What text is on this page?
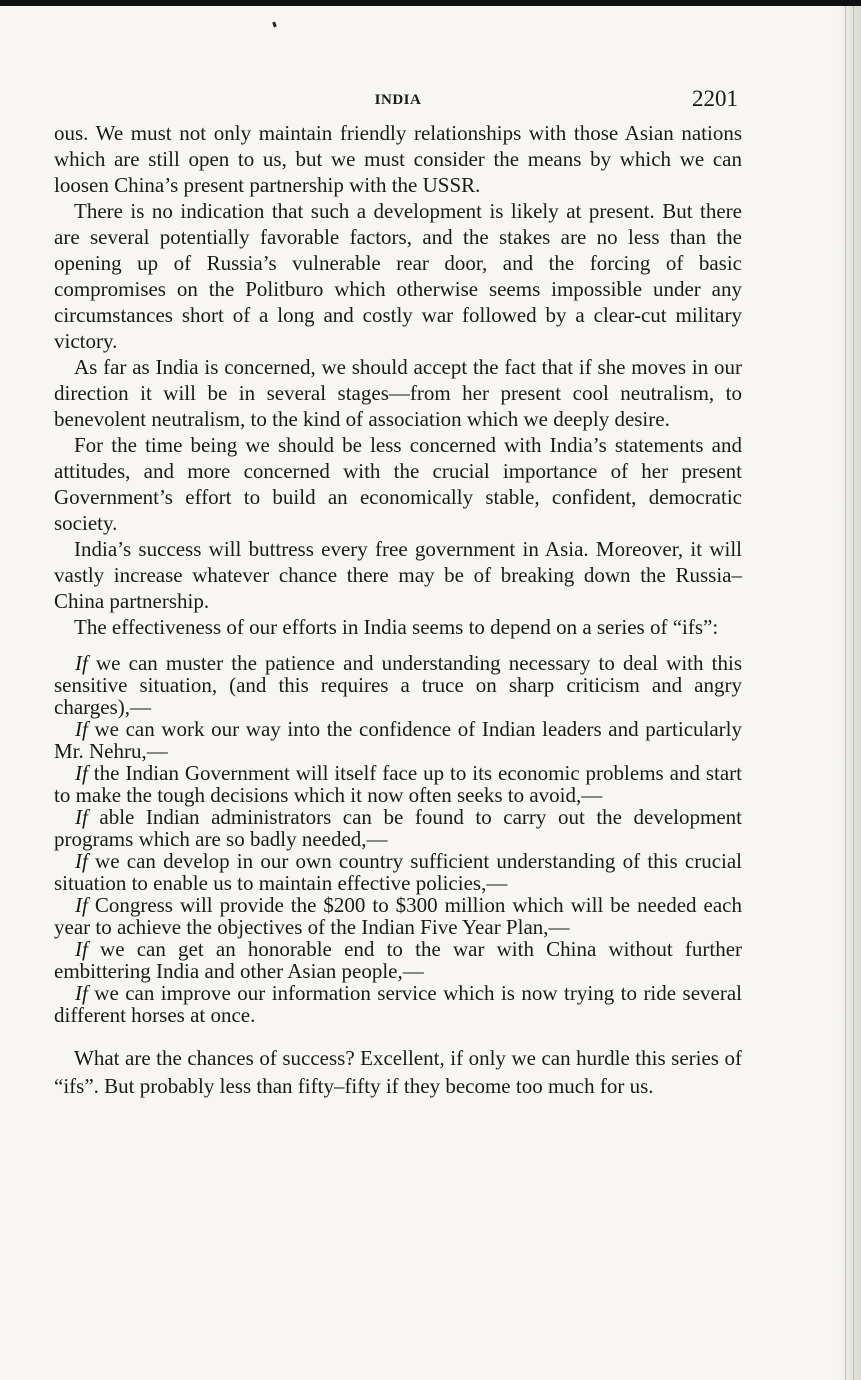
INDIA	2201

ous. We must not only maintain friendly relationships with those Asian nations which are still open to us, but we must consider the means by which we can loosen China’s present partnership with the USSR.

There is no indication that such a development is likely at present. But there are several potentially favorable factors, and the stakes are no less than the opening up of Russia’s vulnerable rear door, and the forcing of basic compromises on the Politburo which otherwise seems impossible under any circumstances short of a long and costly war followed by a clear-cut military victory.

As far as India is concerned, we should accept the fact that if she moves in our direction it will be in several stages—from her present cool neutralism, to benevolent neutralism, to the kind of association which we deeply desire.

For the time being we should be less concerned with India’s statements and attitudes, and more concerned with the crucial importance of her present Government’s effort to build an economically stable, confident, democratic society.

India’s success will buttress every free government in Asia. Moreover, it will vastly increase whatever chance there may be of breaking down the Russia–China partnership.

The effectiveness of our efforts in India seems to depend on a series of “ifs”:

If we can muster the patience and understanding necessary to deal with this sensitive situation, (and this requires a truce on sharp criticism and angry charges),—

If we can work our way into the confidence of Indian leaders and particularly Mr. Nehru,—

If the Indian Government will itself face up to its economic problems and start to make the tough decisions which it now often seeks to avoid,—

If able Indian administrators can be found to carry out the development programs which are so badly needed,—

If we can develop in our own country sufficient understanding of this crucial situation to enable us to maintain effective policies,—

If Congress will provide the $200 to $300 million which will be needed each year to achieve the objectives of the Indian Five Year Plan,—

If we can get an honorable end to the war with China without further embittering India and other Asian people,—

If we can improve our information service which is now trying to ride several different horses at once.

What are the chances of success? Excellent, if only we can hurdle this series of “ifs”. But probably less than fifty–fifty if they become too much for us.
